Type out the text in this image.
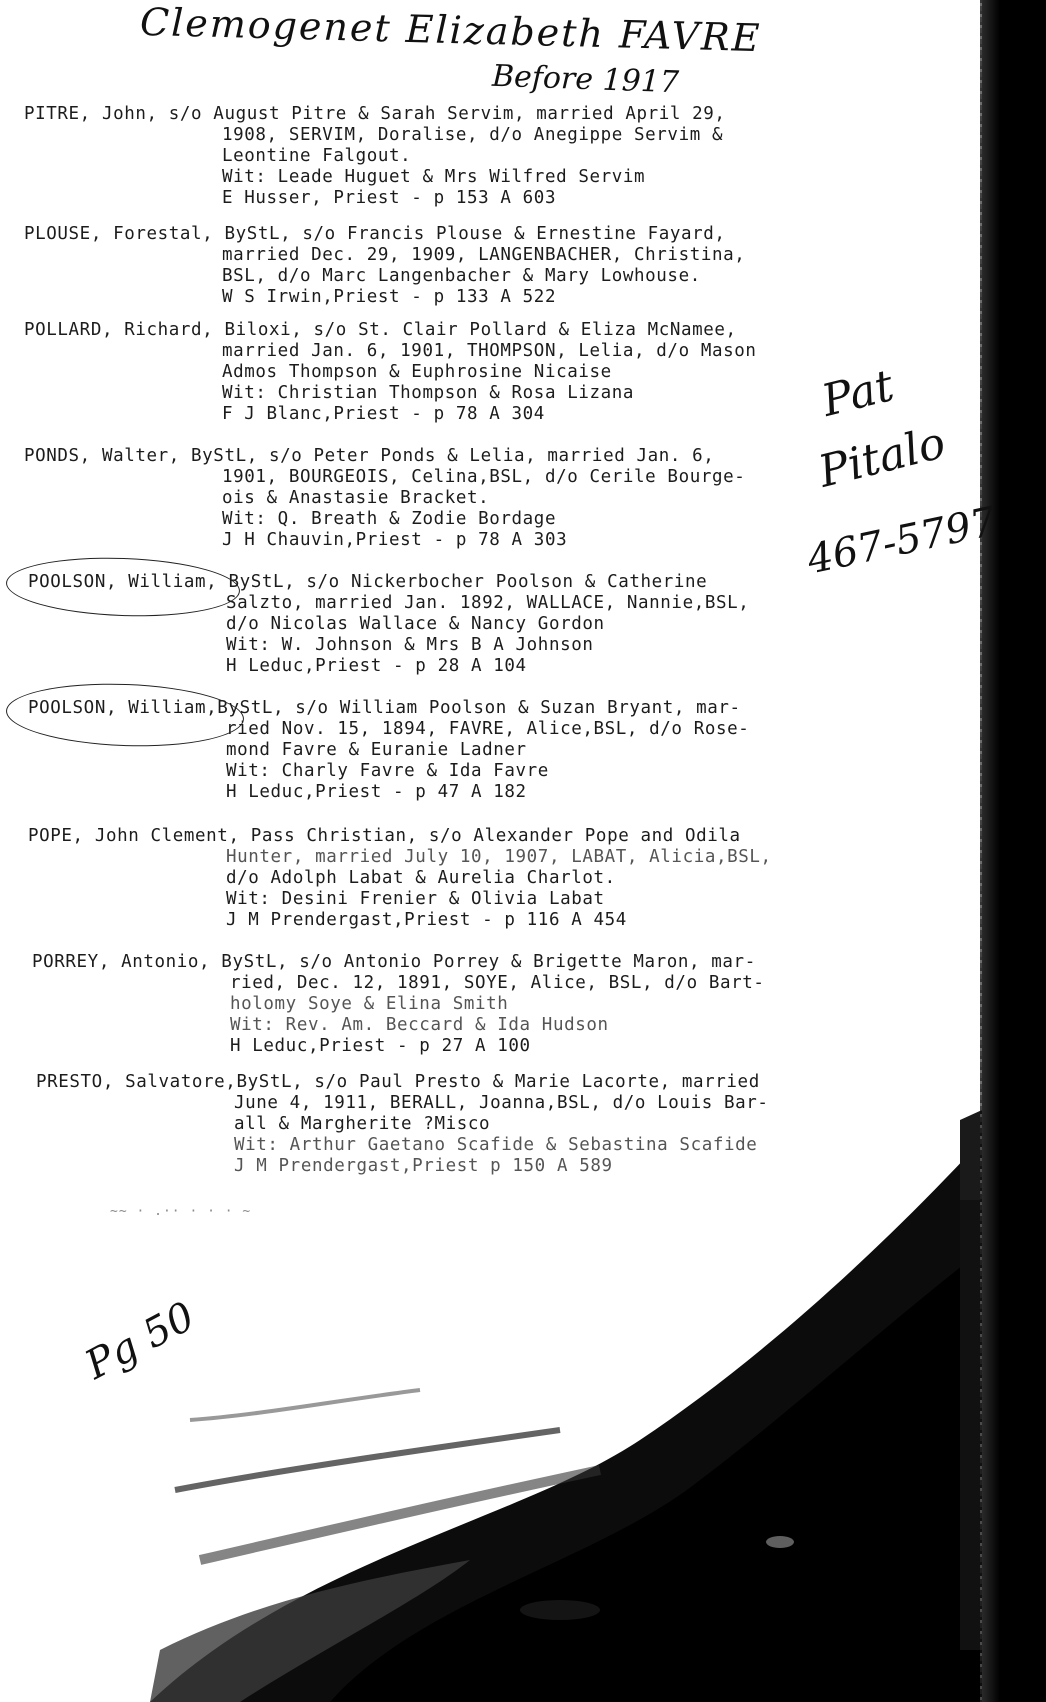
Clemogenet Elizabeth FAVRE
Before 1917
Pat
Pitalo
467-5797
Pg 50
PITRE, John, s/o August Pitre & Sarah Servim, married April 29,
1908, SERVIM, Doralise, d/o Anegippe Servim &
Leontine Falgout.
Wit: Leade Huguet & Mrs Wilfred Servim
E Husser, Priest - p 153 A 603
PLOUSE, Forestal, ByStL, s/o Francis Plouse & Ernestine Fayard,
married Dec. 29, 1909, LANGENBACHER, Christina,
BSL, d/o Marc Langenbacher & Mary Lowhouse.
W S Irwin,Priest - p 133 A 522
POLLARD, Richard, Biloxi, s/o St. Clair Pollard & Eliza McNamee,
married Jan. 6, 1901, THOMPSON, Lelia, d/o Mason
Admos Thompson & Euphrosine Nicaise
Wit: Christian Thompson & Rosa Lizana
F J Blanc,Priest - p 78 A 304
PONDS, Walter, ByStL, s/o Peter Ponds & Lelia, married Jan. 6,
1901, BOURGEOIS, Celina,BSL, d/o Cerile Bourge-
ois & Anastasie Bracket.
Wit: Q. Breath & Zodie Bordage
J H Chauvin,Priest - p 78 A 303
POOLSON, William, ByStL, s/o Nickerbocher Poolson & Catherine
Salzto, married Jan. 1892, WALLACE, Nannie,BSL,
d/o Nicolas Wallace & Nancy Gordon
Wit: W. Johnson & Mrs B A Johnson
H Leduc,Priest - p 28 A 104
POOLSON, William,ByStL, s/o William Poolson & Suzan Bryant, mar-
ried Nov. 15, 1894, FAVRE, Alice,BSL, d/o Rose-
mond Favre & Euranie Ladner
Wit: Charly Favre & Ida Favre
H Leduc,Priest - p 47 A 182
POPE, John Clement, Pass Christian, s/o Alexander Pope and Odila
Hunter, married July 10, 1907, LABAT, Alicia,BSL,
d/o Adolph Labat & Aurelia Charlot.
Wit: Desini Frenier & Olivia Labat
J M Prendergast,Priest - p 116 A 454
PORREY, Antonio, ByStL, s/o Antonio Porrey & Brigette Maron, mar-
ried, Dec. 12, 1891, SOYE, Alice, BSL, d/o Bart-
holomy Soye & Elina Smith
Wit: Rev. Am. Beccard & Ida Hudson
H Leduc,Priest - p 27 A 100
PRESTO, Salvatore,ByStL, s/o Paul Presto & Marie Lacorte, married
June 4, 1911, BERALL, Joanna,BSL, d/o Louis Bar-
all & Margherite ?Misco
Wit: Arthur Gaetano Scafide & Sebastina Scafide
J M Prendergast,Priest p 150 A 589
~~ · .·· · · · ~
